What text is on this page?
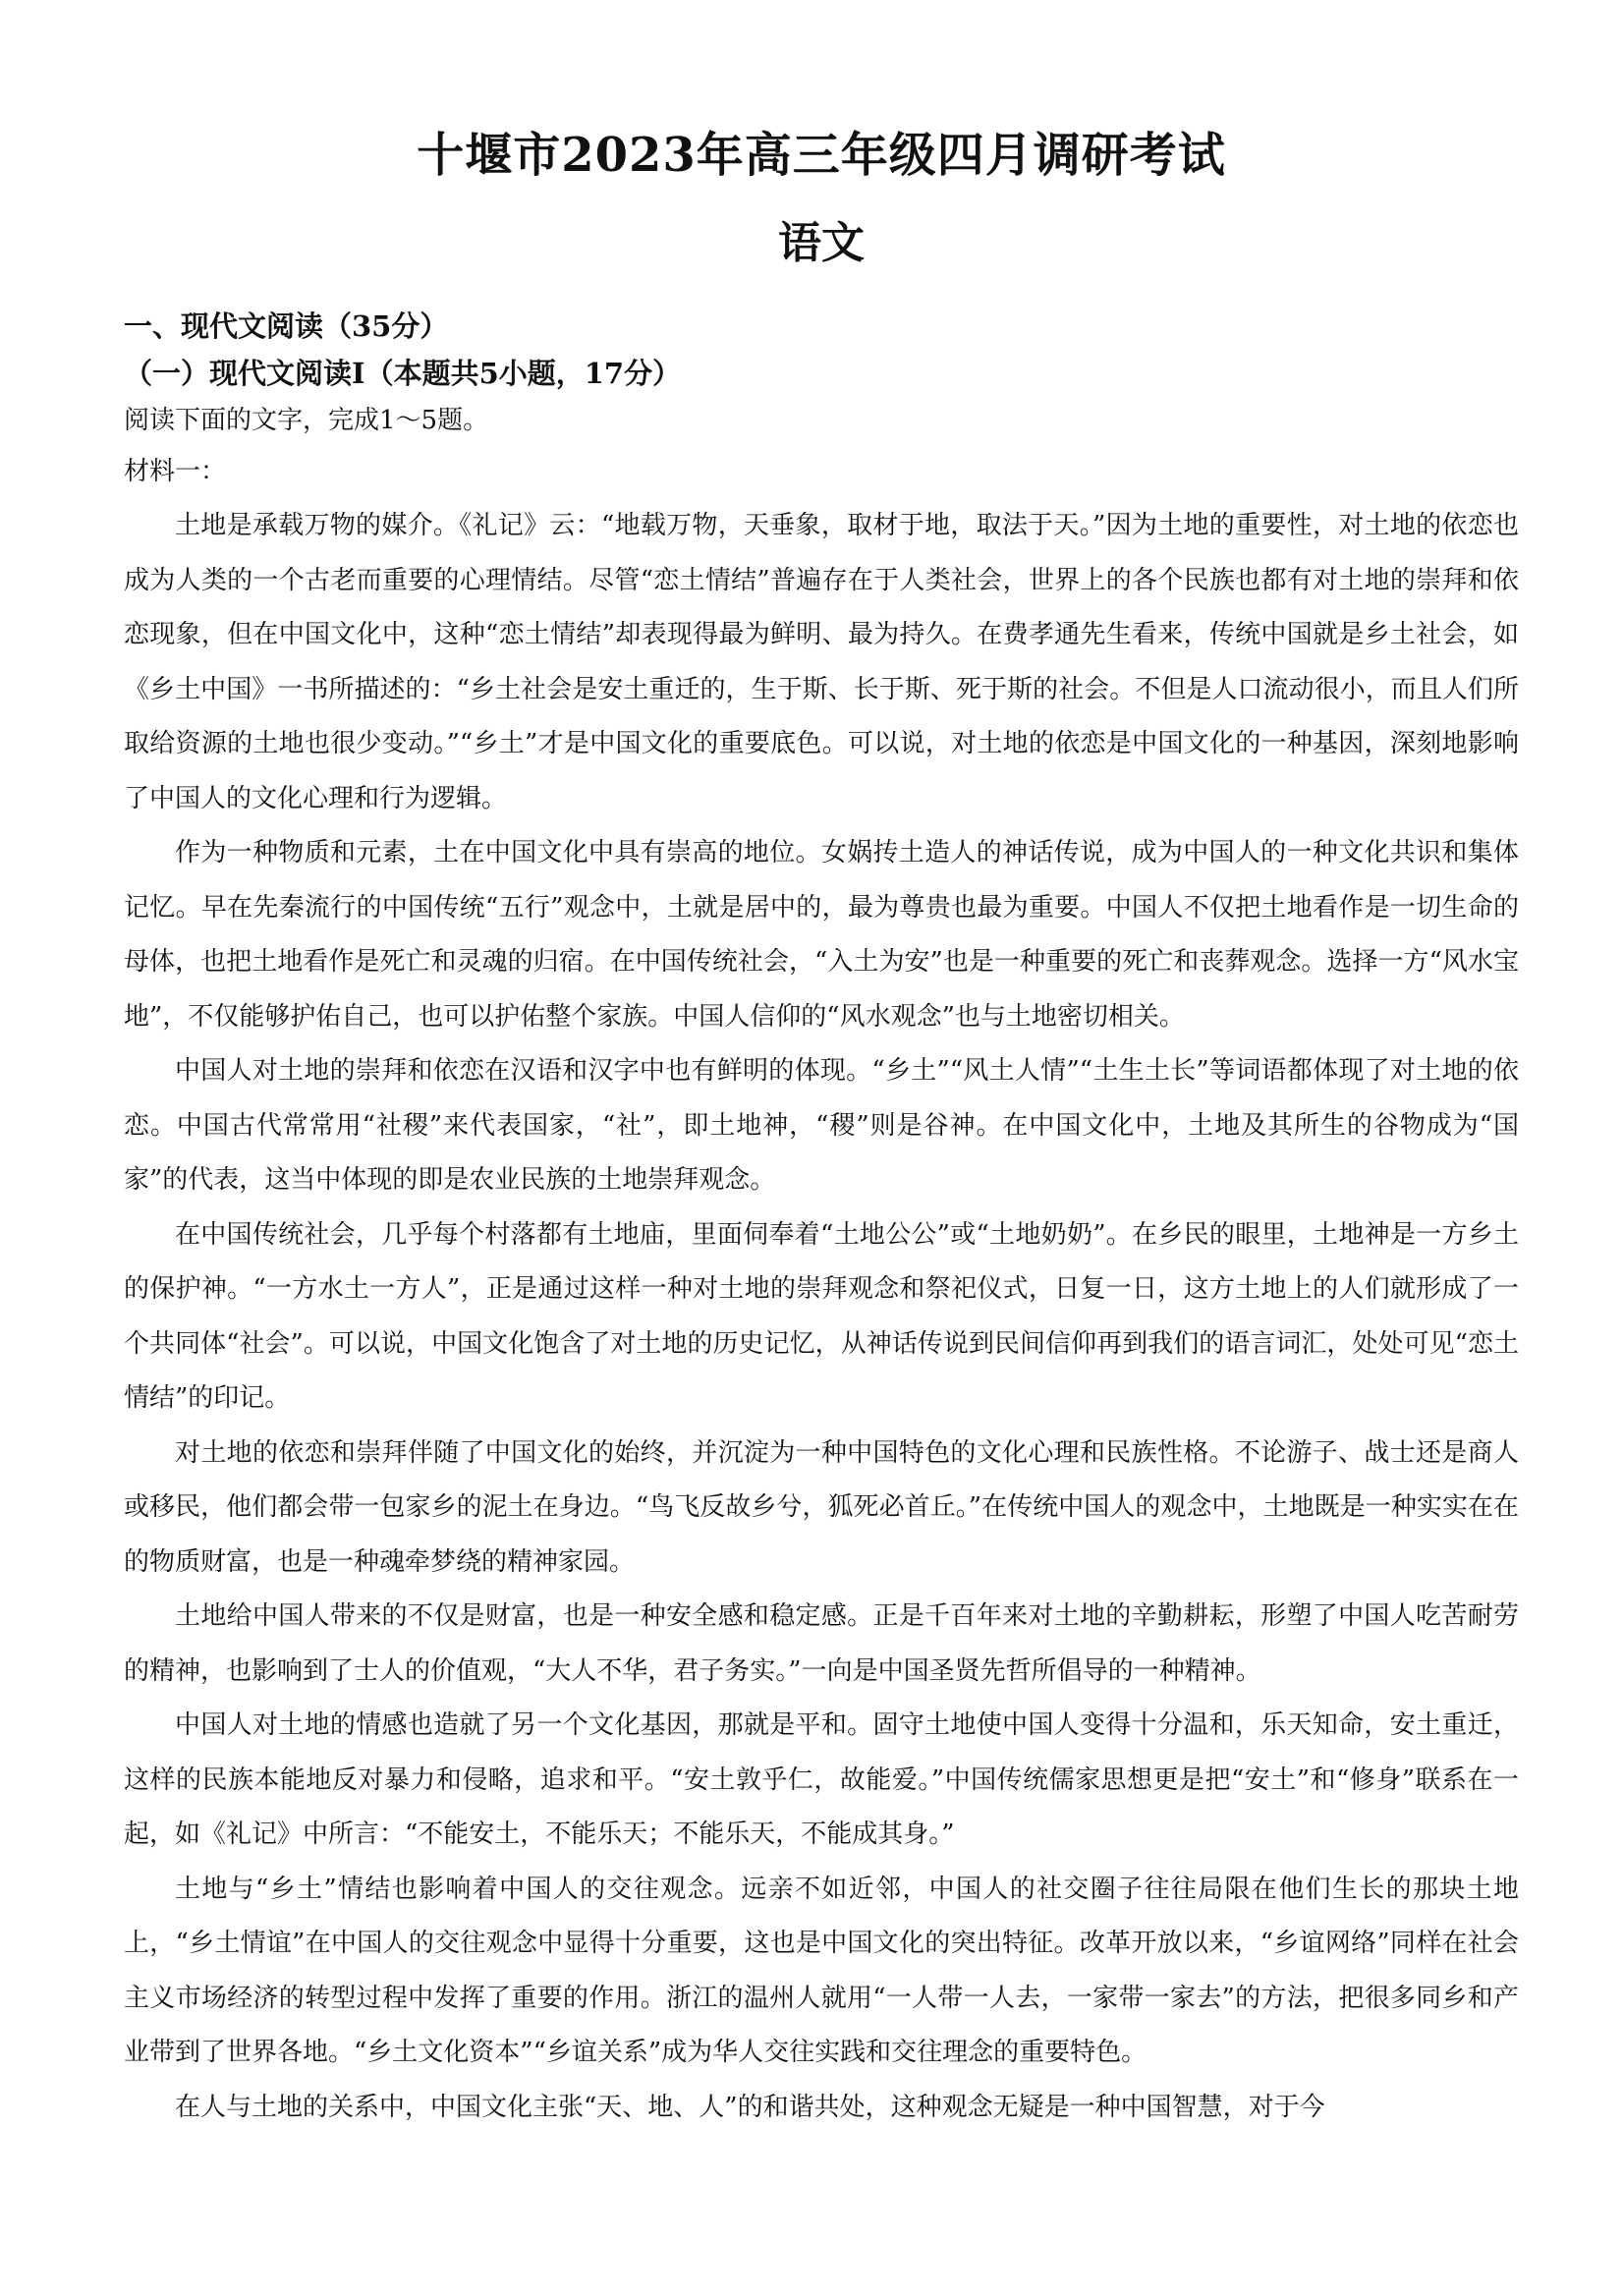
十堰市2023年高三年级四月调研考试
语文

一、现代文阅读（35分）

（一）现代文阅读Ⅰ（本题共5小题，17分）

阅读下面的文字，完成1～5题。

材料一：

土地是承载万物的媒介。《礼记》云：“地载万物，天垂象，取材于地，取法于天。”因为土地的重要性，对土地的依恋也成为人类的一个古老而重要的心理情结。尽管“恋土情结”普遍存在于人类社会，世界上的各个民族也都有对土地的崇拜和依恋现象，但在中国文化中，这种“恋土情结”却表现得最为鲜明、最为持久。在费孝通先生看来，传统中国就是乡土社会，如《乡土中国》一书所描述的：“乡土社会是安土重迁的，生于斯、长于斯、死于斯的社会。不但是人口流动很小，而且人们所取给资源的土地也很少变动。”“乡土”才是中国文化的重要底色。可以说，对土地的依恋是中国文化的一种基因，深刻地影响了中国人的文化心理和行为逻辑。

作为一种物质和元素，土在中国文化中具有崇高的地位。女娲抟土造人的神话传说，成为中国人的一种文化共识和集体记忆。早在先秦流行的中国传统“五行”观念中，土就是居中的，最为尊贵也最为重要。中国人不仅把土地看作是一切生命的母体，也把土地看作是死亡和灵魂的归宿。在中国传统社会，“入土为安”也是一种重要的死亡和丧葬观念。选择一方“风水宝地”，不仅能够护佑自己，也可以护佑整个家族。中国人信仰的“风水观念”也与土地密切相关。

中国人对土地的崇拜和依恋在汉语和汉字中也有鲜明的体现。“乡土”“风土人情”“土生土长”等词语都体现了对土地的依恋。中国古代常常用“社稷”来代表国家，“社”，即土地神，“稷”则是谷神。在中国文化中，土地及其所生的谷物成为“国家”的代表，这当中体现的即是农业民族的土地崇拜观念。

在中国传统社会，几乎每个村落都有土地庙，里面伺奉着“土地公公”或“土地奶奶”。在乡民的眼里，土地神是一方乡土的保护神。“一方水土一方人”，正是通过这样一种对土地的崇拜观念和祭祀仪式，日复一日，这方土地上的人们就形成了一个共同体“社会”。可以说，中国文化饱含了对土地的历史记忆，从神话传说到民间信仰再到我们的语言词汇，处处可见“恋土情结”的印记。

对土地的依恋和崇拜伴随了中国文化的始终，并沉淀为一种中国特色的文化心理和民族性格。不论游子、战士还是商人或移民，他们都会带一包家乡的泥土在身边。“鸟飞反故乡兮，狐死必首丘。”在传统中国人的观念中，土地既是一种实实在在的物质财富，也是一种魂牵梦绕的精神家园。

土地给中国人带来的不仅是财富，也是一种安全感和稳定感。正是千百年来对土地的辛勤耕耘，形塑了中国人吃苦耐劳的精神，也影响到了士人的价值观，“大人不华，君子务实。”一向是中国圣贤先哲所倡导的一种精神。

中国人对土地的情感也造就了另一个文化基因，那就是平和。固守土地使中国人变得十分温和，乐天知命，安土重迁，这样的民族本能地反对暴力和侵略，追求和平。“安土敦乎仁，故能爱。”中国传统儒家思想更是把“安土”和“修身”联系在一起，如《礼记》中所言：“不能安土，不能乐天；不能乐天，不能成其身。”

土地与“乡土”情结也影响着中国人的交往观念。远亲不如近邻，中国人的社交圈子往往局限在他们生长的那块土地上，“乡土情谊”在中国人的交往观念中显得十分重要，这也是中国文化的突出特征。改革开放以来，“乡谊网络”同样在社会主义市场经济的转型过程中发挥了重要的作用。浙江的温州人就用“一人带一人去，一家带一家去”的方法，把很多同乡和产业带到了世界各地。“乡土文化资本”“乡谊关系”成为华人交往实践和交往理念的重要特色。

在人与土地的关系中，中国文化主张“天、地、人”的和谐共处，这种观念无疑是一种中国智慧，对于今
